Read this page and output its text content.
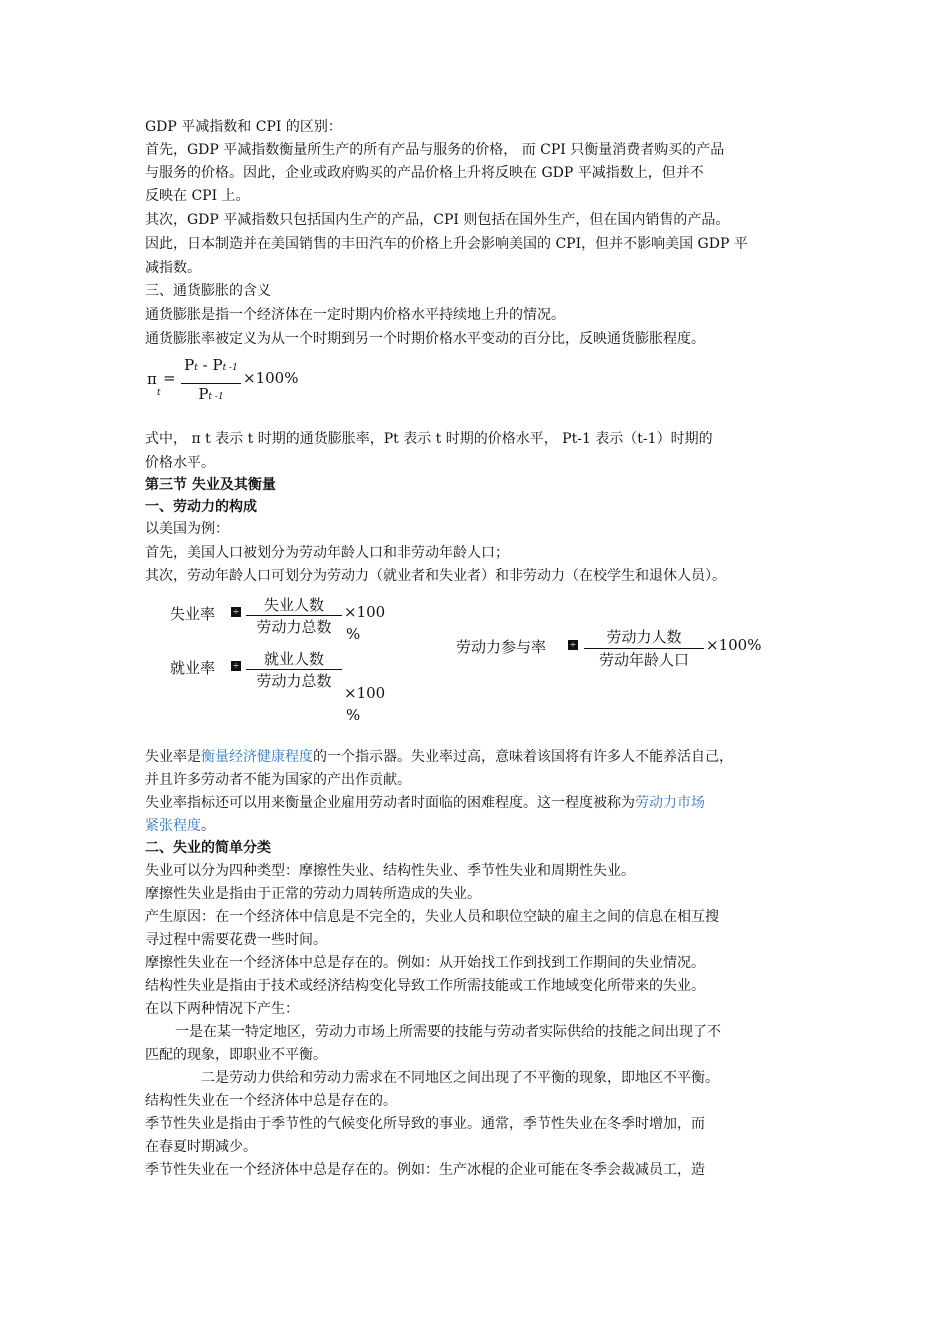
GDP 平减指数和 CPI 的区别：
首先，GDP 平减指数衡量所生产的所有产品与服务的价格， 而 CPI 只衡量消费者购买的产品
与服务的价格。因此，企业或政府购买的产品价格上升将反映在 GDP 平减指数上，但并不
反映在 CPI 上。
其次，GDP 平减指数只包括国内生产的产品，CPI 则包括在国外生产，但在国内销售的产品。
因此，日本制造并在美国销售的丰田汽车的价格上升会影响美国的 CPI，但并不影响美国 GDP 平
减指数。
三、通货膨胀的含义
通货膨胀是指一个经济体在一定时期内价格水平持续地上升的情况。
通货膨胀率被定义为从一个时期到另一个时期价格水平变动的百分比，反映通货膨胀程度。
π
t
=
Pt - Pt -1
Pt -1
×100%
式中， π t 表示 t 时期的通货膨胀率，Pt 表示 t 时期的价格水平， Pt-1 表示（t-1）时期的
价格水平。
第三节 失业及其衡量
一、劳动力的构成
以美国为例：
首先，美国人口被划分为劳动年龄人口和非劳动年龄人口；
其次，劳动年龄人口可划分为劳动力（就业者和失业者）和非劳动力（在校学生和退休人员）。
失业率 ÷	失业人数
劳动力总数
×100
%
就业率 ÷	就业人数
劳动力总数
×100
%
劳动力参与率	÷	劳动力人数
劳动年龄人口
×100%
失业率是衡量经济健康程度的一个指示器。失业率过高，意味着该国将有许多人不能养活自己，
并且许多劳动者不能为国家的产出作贡献。
失业率指标还可以用来衡量企业雇用劳动者时面临的困难程度。这一程度被称为劳动力市场
紧张程度。
二、失业的简单分类
失业可以分为四种类型：摩擦性失业、结构性失业、季节性失业和周期性失业。
摩擦性失业是指由于正常的劳动力周转所造成的失业。
产生原因：在一个经济体中信息是不完全的，失业人员和职位空缺的雇主之间的信息在相互搜
寻过程中需要花费一些时间。
摩擦性失业在一个经济体中总是存在的。例如：从开始找工作到找到工作期间的失业情况。
结构性失业是指由于技术或经济结构变化导致工作所需技能或工作地域变化所带来的失业。
在以下两种情况下产生：
一是在某一特定地区，劳动力市场上所需要的技能与劳动者实际供给的技能之间出现了不
匹配的现象，即职业不平衡。
二是劳动力供给和劳动力需求在不同地区之间出现了不平衡的现象，即地区不平衡。
结构性失业在一个经济体中总是存在的。
季节性失业是指由于季节性的气候变化所导致的事业。通常，季节性失业在冬季时增加，而
在春夏时期减少。
季节性失业在一个经济体中总是存在的。例如：生产冰棍的企业可能在冬季会裁减员工，造
